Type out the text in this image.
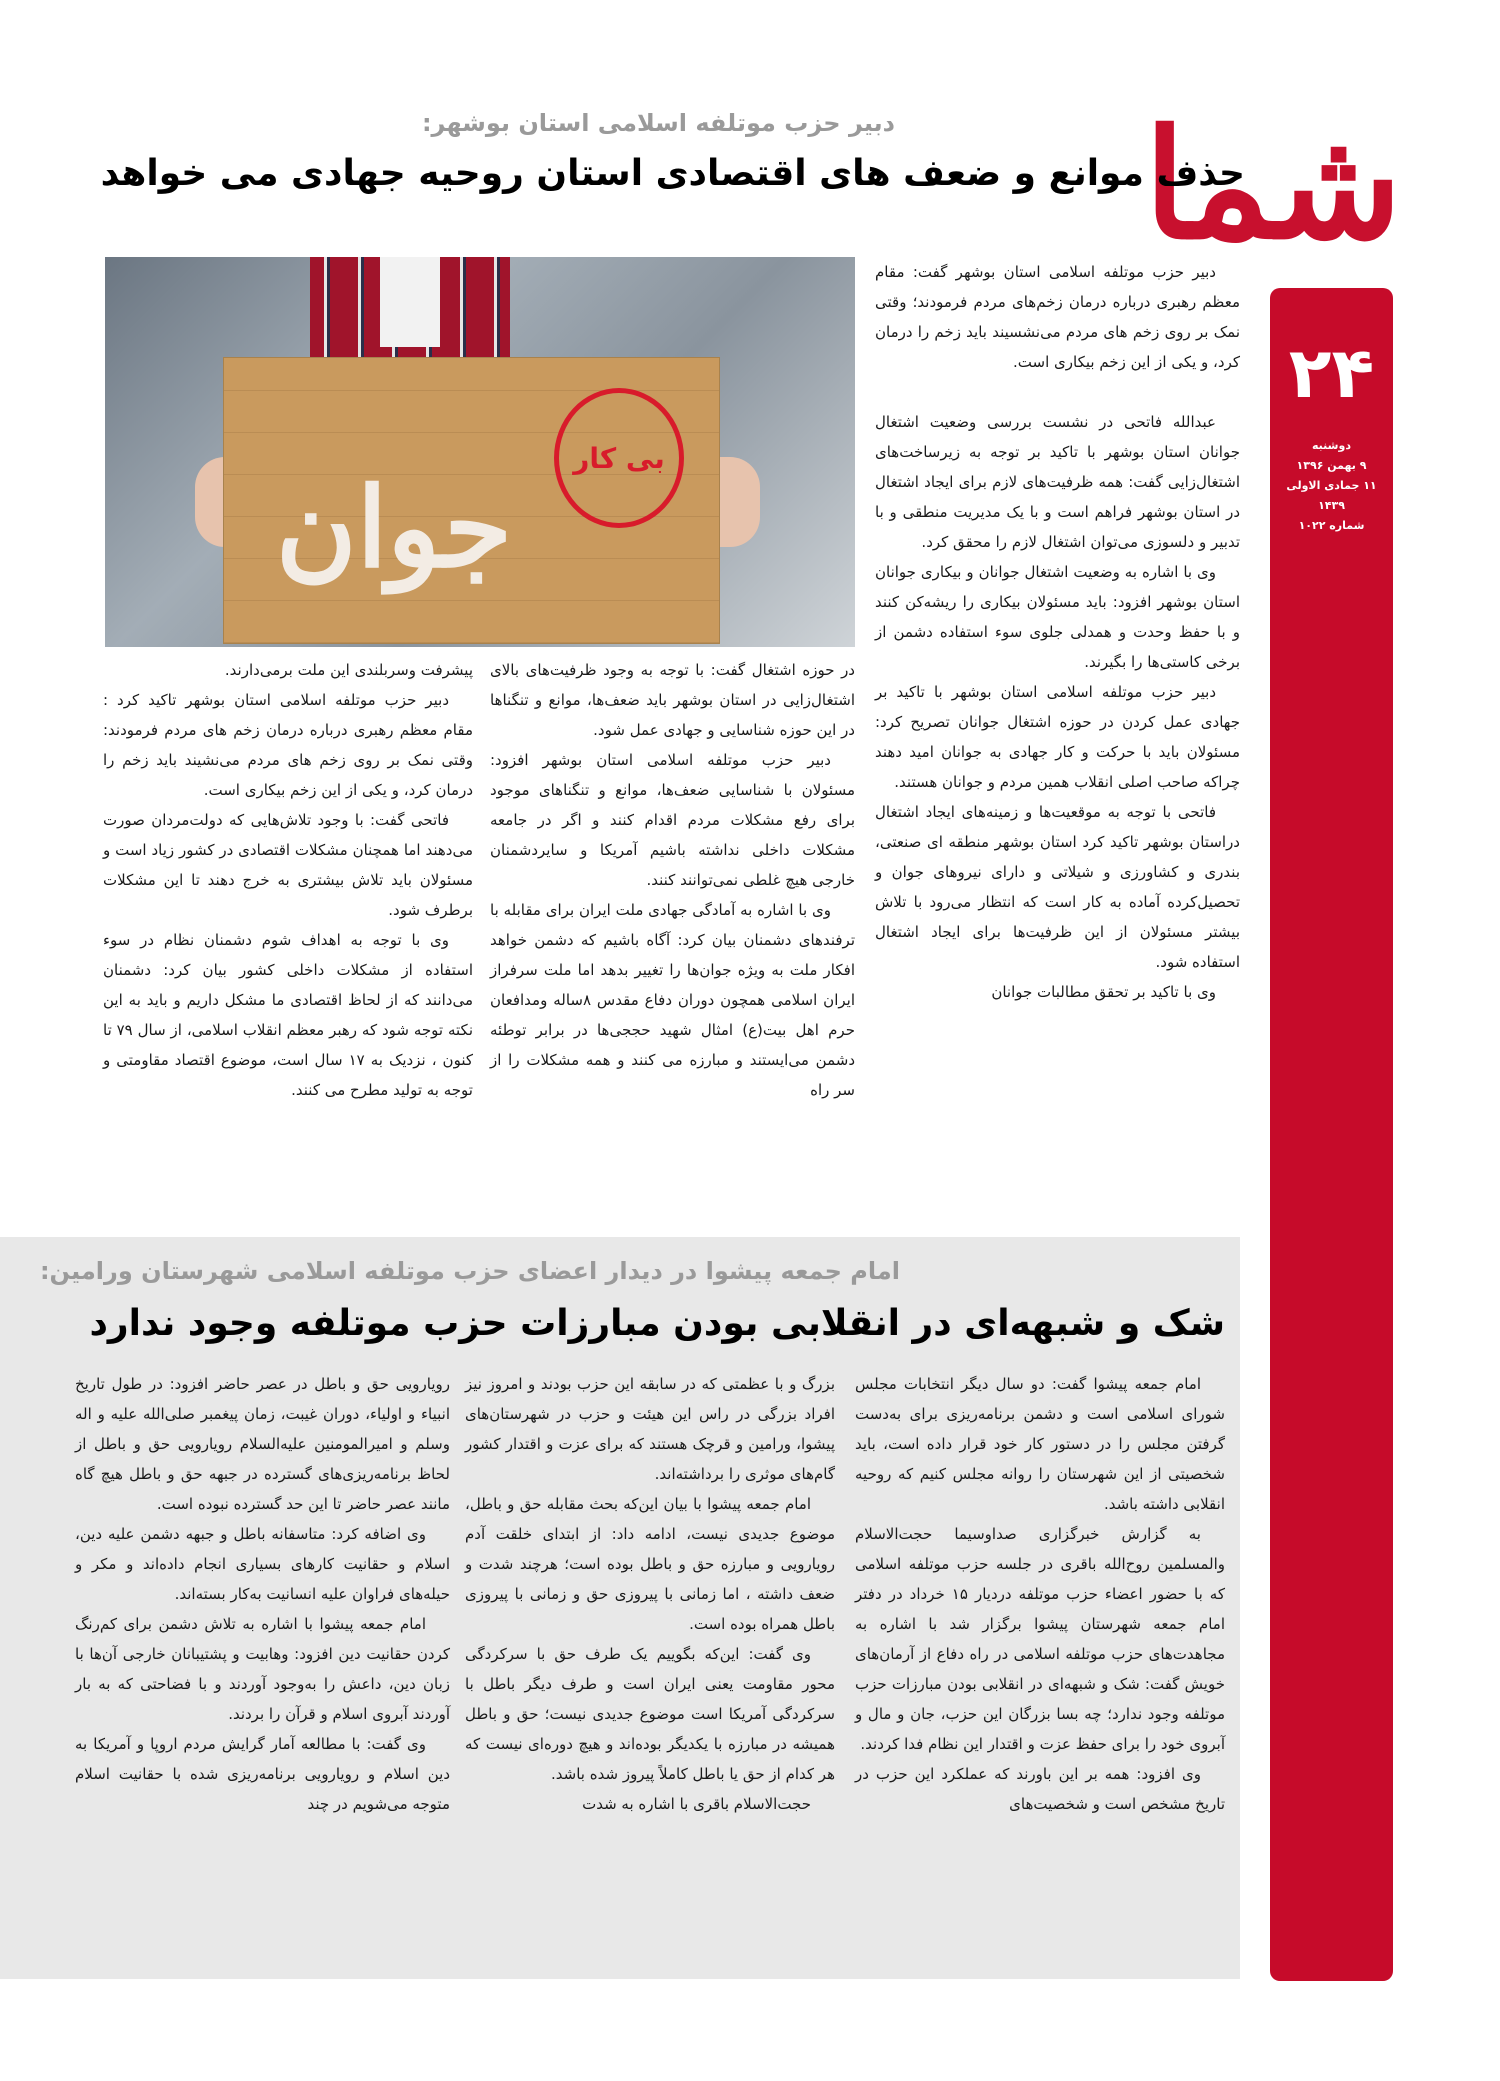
شما
۲۴
دوشنبه
۹ بهمن ۱۳۹۶
۱۱ جمادی الاولی ۱۴۳۹
شماره ۱۰۲۲
دبیر حزب موتلفه اسلامی استان بوشهر:
حذف موانع و ضعف های اقتصادی استان روحیه جهادی می خواهد

دبیر حزب موتلفه اسلامی استان بوشهر گفت: مقام معظم رهبری درباره درمان زخم‌های مردم فرمودند؛ وقتی نمک بر روی زخم های مردم می‌نشسیند باید زخم را درمان کرد، و یکی از این زخم بیکاری است.

عبدالله فاتحی در نشست بررسی وضعیت اشتغال جوانان استان بوشهر با تاکید بر توجه به زیرساخت‌های اشتغال‌زایی گفت: همه ظرفیت‌های لازم برای ایجاد اشتغال در استان بوشهر فراهم است و با یک مدیریت منطقی و با تدبیر و دلسوزی می‌توان اشتغال لازم را محقق کرد.

وی با اشاره به وضعیت اشتغال جوانان و بیکاری جوانان استان بوشهر افزود: باید مسئولان بیکاری را ریشه‌کن کنند و با حفظ وحدت و همدلی جلوی سوء استفاده دشمن از برخی کاستی‌ها را بگیرند.

دبیر حزب موتلفه اسلامی استان بوشهر با تاکید بر جهادی عمل کردن در حوزه اشتغال جوانان تصریح کرد: مسئولان باید با حرکت و کار جهادی به جوانان امید دهند چراکه صاحب اصلی انقلاب همین مردم و جوانان هستند.

فاتحی با توجه به موقعیت‌ها و زمینه‌های ایجاد اشتغال دراستان بوشهر تاکید کرد استان بوشهر منطقه ای صنعتی، بندری و کشاورزی و شیلاتی و دارای نیروهای جوان و تحصیل‌کرده آماده به کار است که انتظار می‌رود با تلاش بیشتر مسئولان از این ظرفیت‌ها برای ایجاد اشتغال استفاده شود.

وی با تاکید بر تحقق مطالبات جوانان

در حوزه اشتغال گفت: با توجه به وجود ظرفیت‌های بالای اشتغال‌زایی در استان بوشهر باید ضعف‌ها، موانع و تنگناها در این حوزه شناسایی و جهادی عمل شود.

دبیر حزب موتلفه اسلامی استان بوشهر افزود: مسئولان با شناسایی ضعف‌ها، موانع و تنگناهای موجود برای رفع مشکلات مردم اقدام کنند و اگر در جامعه مشکلات داخلی نداشته باشیم آمریکا و سایردشمنان خارجی هیچ غلطی نمی‌توانند کنند.

وی با اشاره به آمادگی جهادی ملت ایران برای مقابله با ترفندهای دشمنان بیان کرد: آگاه باشیم که دشمن خواهد افکار ملت به ویژه جوان‌ها را تغییر بدهد اما ملت سرفراز ایران اسلامی همچون دوران دفاع مقدس ۸ساله ومدافعان حرم اهل بیت(ع) امثال شهید حججی‌ها در برابر توطئه دشمن می‌ایستند و مبارزه می کنند و همه مشکلات را از سر راه

پیشرفت وسربلندی این ملت برمی‌دارند.

دبیر حزب موتلفه اسلامی استان بوشهر تاکید کرد : مقام معظم رهبری درباره درمان زخم های مردم فرمودند: وقتی نمک بر روی زخم های مردم می‌نشیند باید زخم را درمان کرد، و یکی از این زخم بیکاری است.

فاتحی گفت: با وجود تلاش‌هایی که دولت‌مردان صورت می‌دهند اما همچنان مشکلات اقتصادی در کشور زیاد است و مسئولان باید تلاش بیشتری به خرج دهند تا این مشکلات برطرف شود.

وی با توجه به اهداف شوم دشمنان نظام در سوء استفاده از مشکلات داخلی کشور بیان کرد: دشمنان می‌دانند که از لحاظ اقتصادی ما مشکل داریم و باید به این نکته توجه شود که رهبر معظم انقلاب اسلامی، از سال ۷۹ تا کنون ، نزدیک به ۱۷ سال است، موضوع اقتصاد مقاومتی و توجه به تولید مطرح می کنند.

جوان
بی کار
امام جمعه پیشوا در دیدار اعضای حزب موتلفه اسلامی شهرستان ورامین:
شک و شبهه‌ای در انقلابی بودن مبارزات حزب موتلفه وجود ندارد

امام جمعه پیشوا گفت: دو سال دیگر انتخابات مجلس شورای اسلامی است و دشمن برنامه‌ریزی برای به‌دست گرفتن مجلس را در دستور کار خود قرار داده است، باید شخصیتی از این شهرستان را روانه مجلس کنیم که روحیه انقلابی داشته باشد.

به گزارش خبرگزاری صداوسیما حجت‌الاسلام والمسلمین روح‌الله باقری در جلسه حزب موتلفه اسلامی که با حضور اعضاء حزب موتلفه دردیار ۱۵ خرداد در دفتر امام جمعه شهرستان پیشوا برگزار شد با اشاره به مجاهدت‌های حزب موتلفه اسلامی در راه دفاع از آرمان‌های خویش گفت: شک و شبهه‌ای در انقلابی بودن مبارزات حزب موتلفه وجود ندارد؛ چه بسا بزرگان این حزب، جان و مال و آبروی خود را برای حفظ عزت و اقتدار این نظام فدا کردند.

وی افزود: همه بر این باورند که عملکرد این حزب در تاریخ مشخص است و شخصیت‌های

بزرگ و با عظمتی که در سابقه این حزب بودند و امروز نیز افراد بزرگی در راس این هیئت و حزب در شهرستان‌های پیشوا، ورامین و قرچک هستند که برای عزت و اقتدار کشور گام‌های موثری را برداشته‌اند.

امام جمعه پیشوا با بیان این‌که بحث مقابله حق و باطل، موضوع جدیدی نیست، ادامه داد: از ابتدای خلقت آدم رویارویی و مبارزه حق و باطل بوده است؛ هرچند شدت و ضعف داشته ، اما زمانی با پیروزی حق و زمانی با پیروزی باطل همراه بوده است.

وی گفت: این‌که بگوییم یک طرف حق با سرکردگی محور مقاومت یعنی ایران است و طرف دیگر باطل با سرکردگی آمریکا است موضوع جدیدی نیست؛ حق و باطل همیشه در مبارزه با یکدیگر بوده‌اند و هیچ دوره‌ای نیست که هر کدام از حق یا باطل کاملاً پیروز شده باشد.

حجت‌الاسلام باقری با اشاره به شدت

رویارویی حق و باطل در عصر حاضر افزود: در طول تاریخ انبیاء و اولیاء، دوران غیبت، زمان پیغمبر صلی‌الله علیه و اله وسلم و امیرالمومنین علیه‌السلام رویارویی حق و باطل از لحاظ برنامه‌ریزی‌های گسترده در جبهه حق و باطل هیچ گاه مانند عصر حاضر تا این حد گسترده نبوده است.

وی اضافه کرد: متاسفانه باطل و جبهه دشمن علیه دین، اسلام و حقانیت کارهای بسیاری انجام داده‌اند و مکر و حیله‌های فراوان علیه انسانیت به‌کار بسته‌اند.

امام جمعه پیشوا با اشاره به تلاش دشمن برای کم‌رنگ کردن حقانیت دین افزود: وهابیت و پشتیبانان خارجی آن‌ها با زبان دین، داعش را به‌وجود آوردند و با فضاحتی که به بار آوردند آبروی اسلام و قرآن را بردند.

وی گفت: با مطالعه آمار گرایش مردم اروپا و آمریکا به دین اسلام و رویارویی برنامه‌ریزی شده با حقانیت اسلام متوجه می‌شویم در چند
